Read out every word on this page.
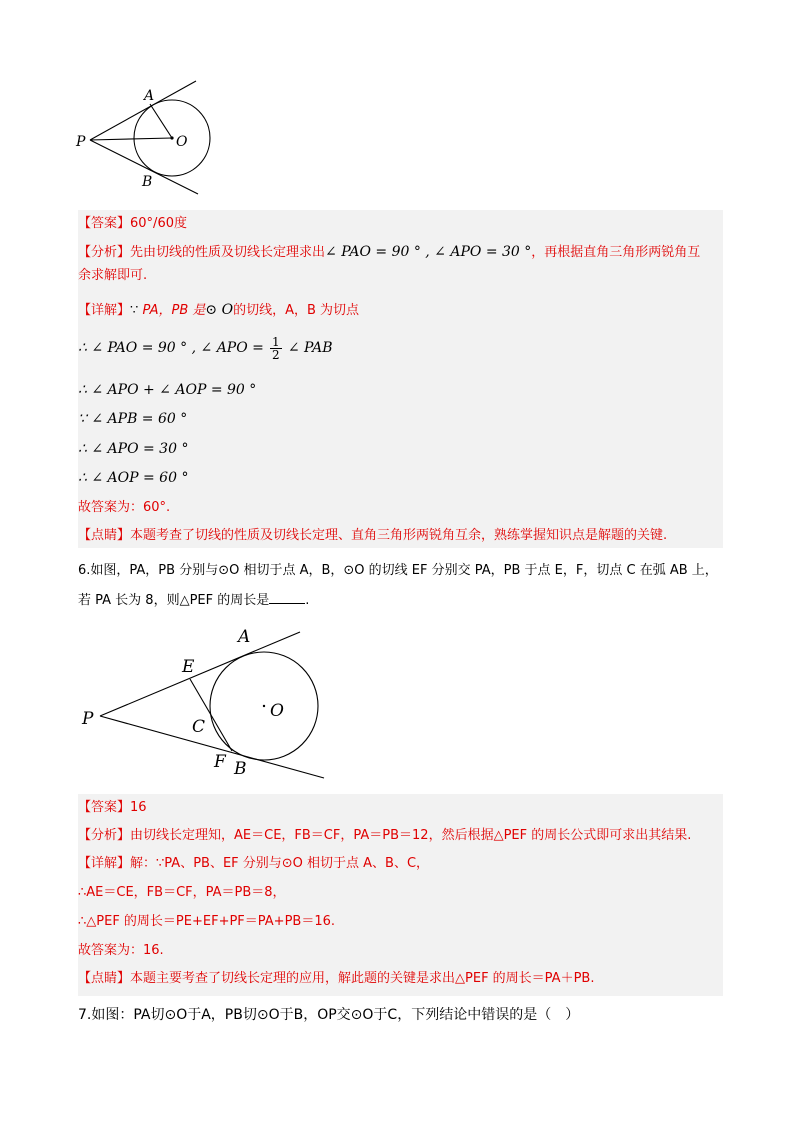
A
P	O
B
【答案】60°/60度
【分析】先由切线的性质及切线长定理求出∠ PAO = 90 ° , ∠ APO = 30 °，再根据直角三角形两锐角互
余求解即可.
【详解】∵ PA，PB 是⊙ O的切线，A，B 为切点
∴ ∠ PAO = 90 ° , ∠ APO = $\frac{1}{2}$ ∠ PAB
∴ ∠ APO + ∠ AOP = 90 °
∵ ∠ APB = 60 °
∴ ∠ APO = 30 °
∴ ∠ AOP = 60 °
故答案为：60°.
【点睛】本题考查了切线的性质及切线长定理、直角三角形两锐角互余，熟练掌握知识点是解题的关键.
6.如图，PA，PB 分别与⊙O 相切于点 A，B，⊙O 的切线 EF 分别交 PA，PB 于点 E，F，切点 C 在弧 AB 上，
若 PA 长为 8，则△PEF 的周长是	.
A
E
P	C
O
F B
【答案】16
【分析】由切线长定理知，AE＝CE，FB＝CF，PA＝PB＝12，然后根据△PEF 的周长公式即可求出其结果.
【详解】解：∵PA、PB、EF 分别与⊙O 相切于点 A、B、C，
∴AE＝CE，FB＝CF，PA＝PB＝8，
∴△PEF 的周长＝PE+EF+PF＝PA+PB＝16.
故答案为：16.
【点睛】本题主要考查了切线长定理的应用，解此题的关键是求出△PEF 的周长＝PA＋PB.
7.如图：PA切⊙O于A，PB切⊙O于B，OP交⊙O于C，下列结论中错误的是（　）
